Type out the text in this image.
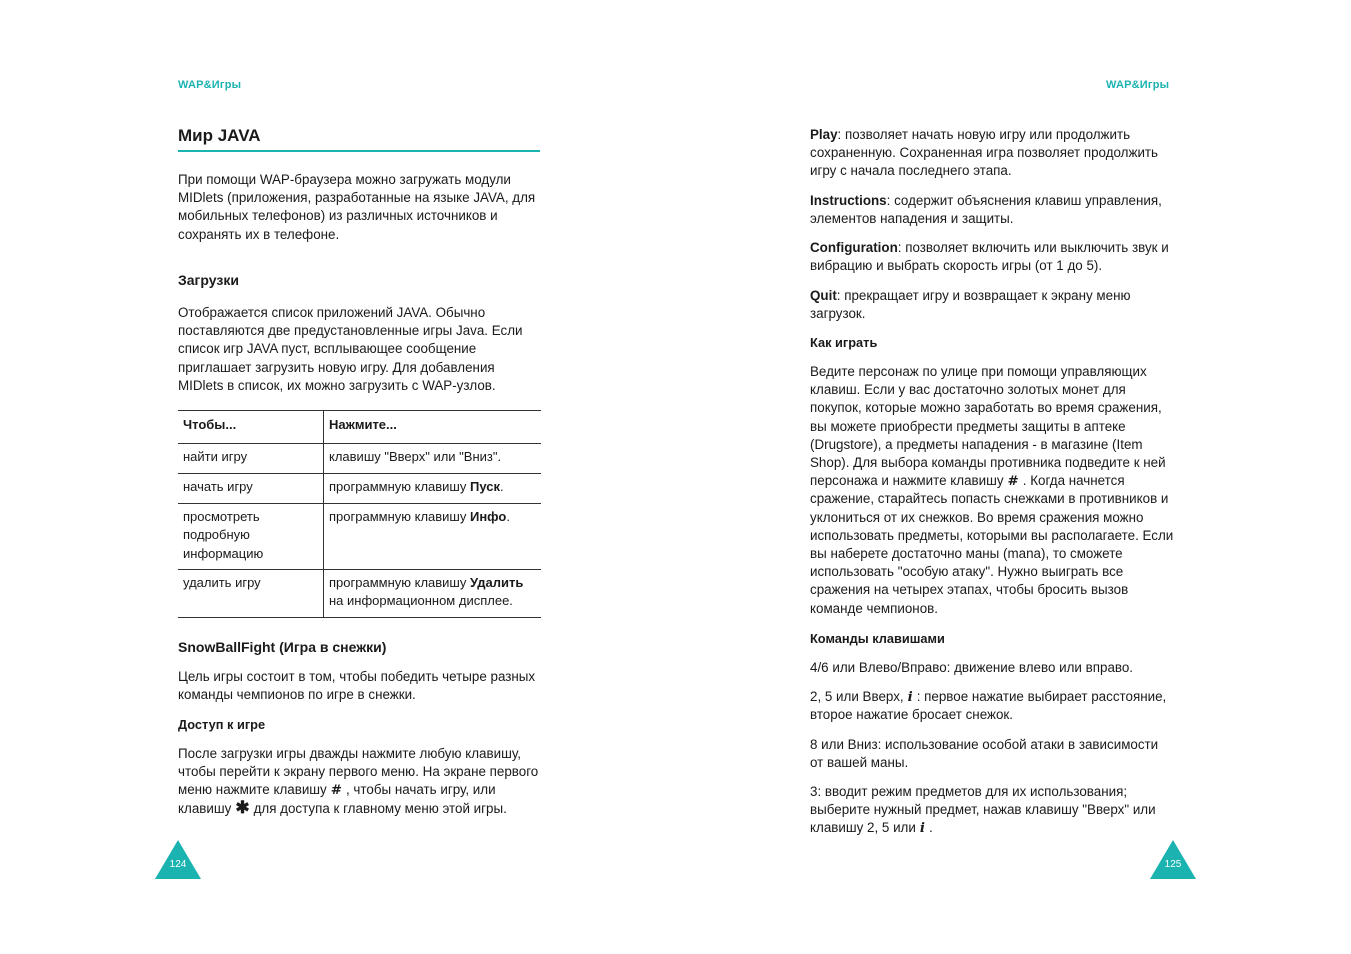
WAP&Игры
Мир JAVA

При помощи WAP-браузера можно загружать модули MIDlets (приложения, разработанные на языке JAVA, для мобильных телефонов) из различных источников и сохранять их в телефоне.

Загрузки

Отображается список приложений JAVA. Обычно поставляются две предустановленные игры Java. Если список игр JAVA пуст, всплывающее сообщение приглашает загрузить новую игру. Для добавления MIDlets в список, их можно загрузить с WAP-узлов.

Чтобы...	Нажмите...
найти игру	клавишу "Вверх" или "Вниз".
начать игру	программную клавишу Пуск.
просмотреть подробную информацию	программную клавишу Инфо.
удалить игру	программную клавишу Удалить на информационном дисплее.
SnowBallFight (Игра в снежки)

Цель игры состоит в том, чтобы победить четыре разных команды чемпионов по игре в снежки.

Доступ к игре

После загрузки игры дважды нажмите любую клавишу, чтобы перейти к экрану первого меню. На экране первого меню нажмите клавишу # , чтобы начать игру, или клавишу ✱ для доступа к главному меню этой игры.

124
WAP&Игры

Play: позволяет начать новую игру или продолжить сохраненную. Сохраненная игра позволяет продолжить игру с начала последнего этапа.

Instructions: содержит объяснения клавиш управления, элементов нападения и защиты.

Configuration: позволяет включить или выключить звук и вибрацию и выбрать скорость игры (от 1 до 5).

Quit: прекращает игру и возвращает к экрану меню загрузок.

Как играть

Ведите персонаж по улице при помощи управляющих клавиш. Если у вас достаточно золотых монет для покупок, которые можно заработать во время сражения, вы можете приобрести предметы защиты в аптеке (Drugstore), а предметы нападения - в магазине (Item Shop). Для выбора команды противника подведите к ней персонажа и нажмите клавишу # . Когда начнется сражение, старайтесь попасть снежками в противников и уклониться от их снежков. Во время сражения можно использовать предметы, которыми вы располагаете. Если вы наберете достаточно маны (mana), то сможете использовать "особую атаку". Нужно выиграть все сражения на четырех этапах, чтобы бросить вызов команде чемпионов.

Команды клавишами

4/6 или Влево/Вправо: движение влево или вправо.

2, 5 или Вверх, i : первое нажатие выбирает расстояние, второе нажатие бросает снежок.

8 или Вниз: использование особой атаки в зависимости от вашей маны.

3: вводит режим предметов для их использования; выберите нужный предмет, нажав клавишу "Вверх" или клавишу 2, 5 или i .

125
